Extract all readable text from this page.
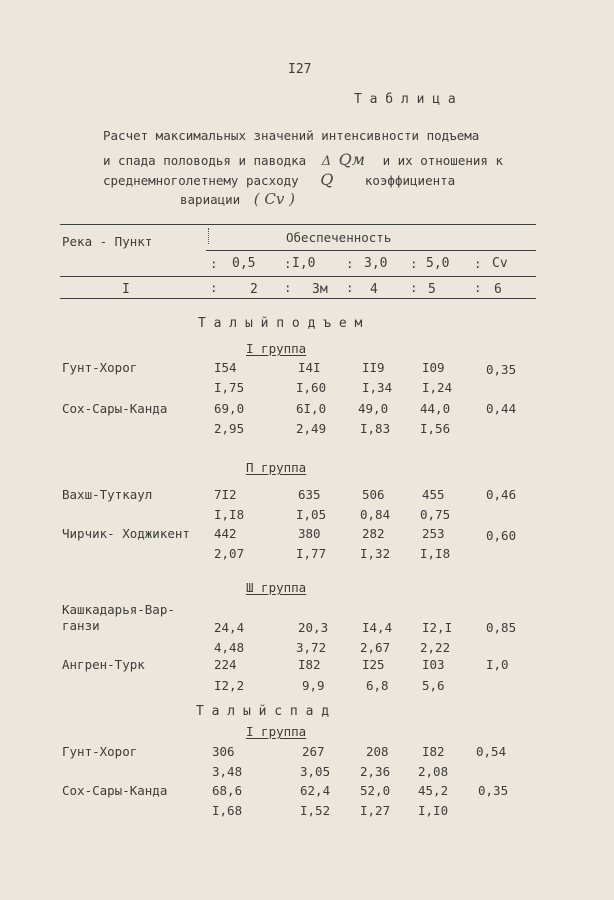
I27
Т а б л и ц а
Расчет максимальных значений интенсивности подъема
и спада половодья и паводка Δ Qм и их отношения к
среднемноголетнему расходу Q	коэффициента
вариации ( Cv )
Река - Пункт	Обеспеченность
0,5	I,0	3,0	5,0	Cv
I	2	3м	4	5	6
:	:	:	:	:
:	:	:	:	:
Т а л ы й п о д ъ е м
I группа
Гунт-Хорог	I54	I4I	II9	I09	0,35
I,75	I,60	I,34 I,24
Сох-Сары-Канда	69,0	6I,0	49,0	44,0	0,44
2,95	2,49	I,83 I,56
П группа
Вахш-Туткаул	7I2	635	506	455	0,46
I,I8	I,05	0,84 0,75
Чирчик- Ходжикент 442	380	282	253	0,60
2,07	I,77	I,32 I,I8
Ш группа
Кашкадарья-Вар-
ганзи	24,4	20,3	I4,4 I2,I	0,85
4,48	3,72	2,67 2,22
Ангрен-Турк	224	I82	I25	I03	I,0
I2,2	9,9	6,8	5,6
Т а л ы й с п а д
I группа
Гунт-Хорог	306	267	208	I82	0,54
3,48	3,05 2,36 2,08
Сох-Сары-Канда	68,6	62,4 52,0 45,2 0,35
I,68	I,52 I,27 I,I0
